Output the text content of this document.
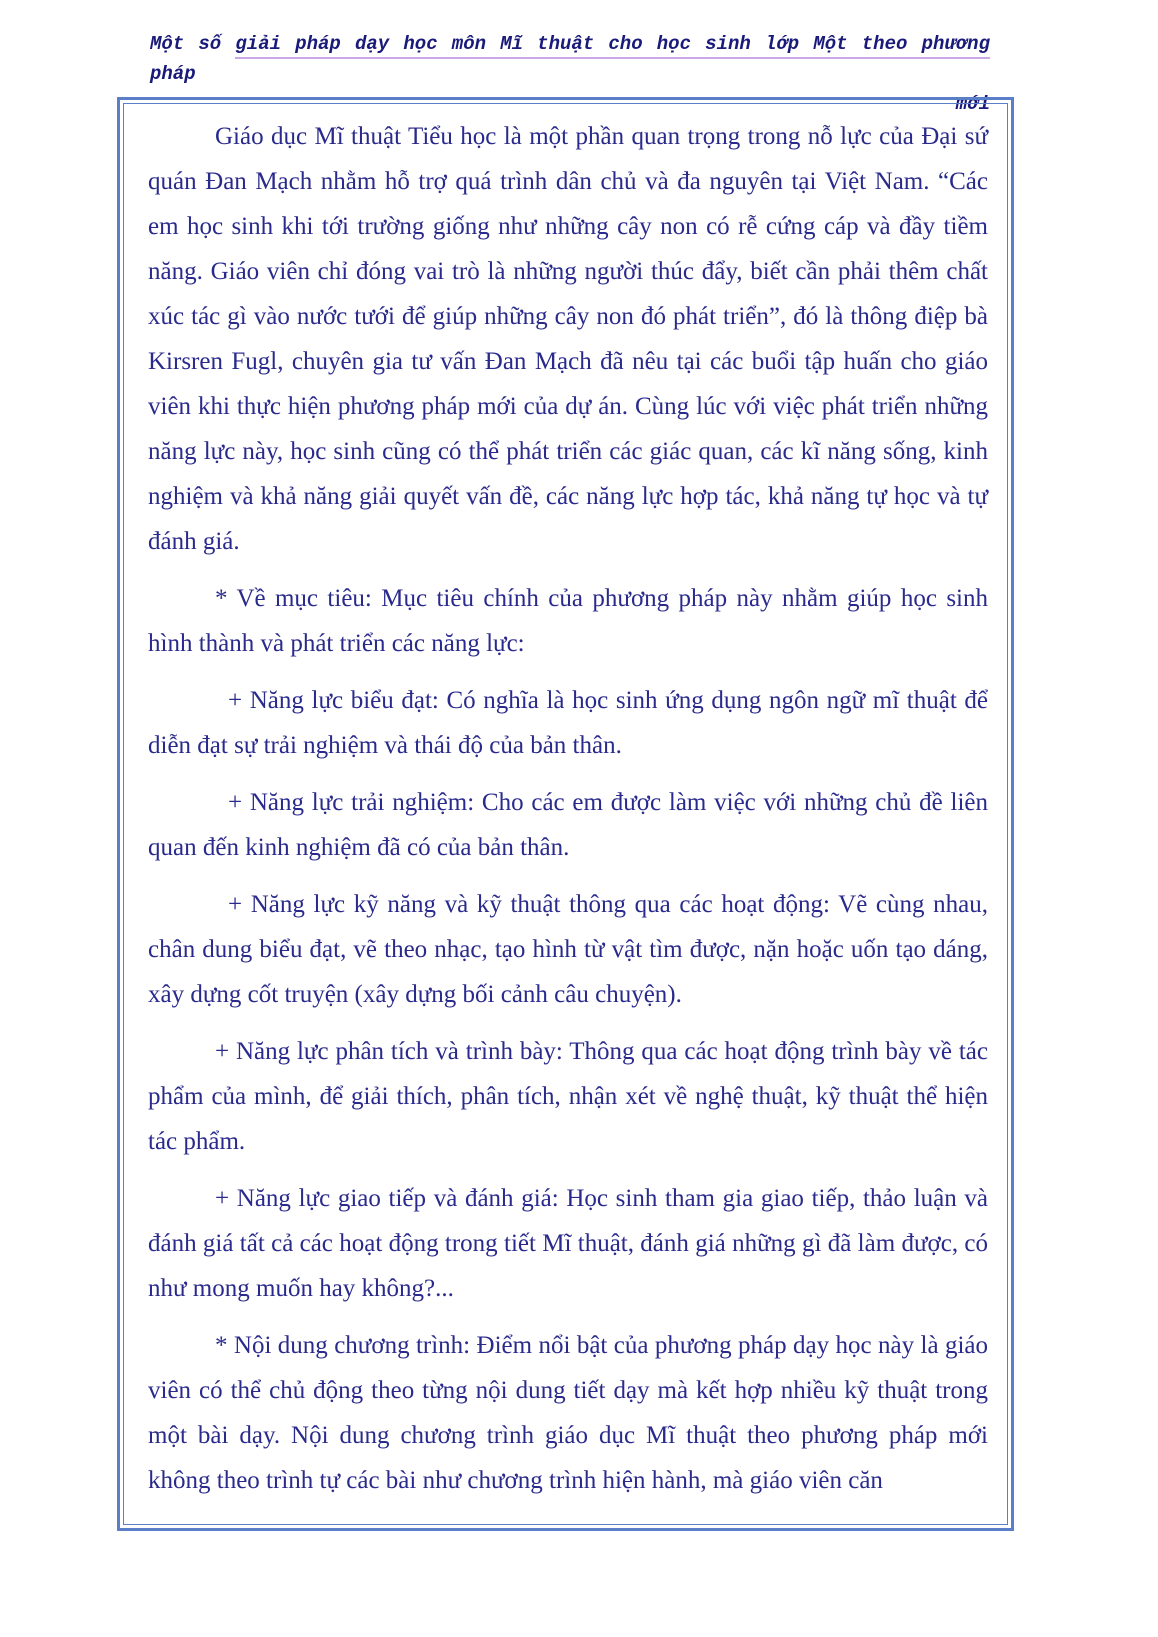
Một số giải pháp dạy học môn Mĩ thuật cho học sinh lớp Một theo phương pháp
mới

Giáo dục Mĩ thuật Tiểu học là một phần quan trọng trong nỗ lực của Đại sứ quán Đan Mạch nhằm hỗ trợ quá trình dân chủ và đa nguyên tại Việt Nam. “Các em học sinh khi tới trường giống như những cây non có rễ cứng cáp và đầy tiềm năng. Giáo viên chỉ đóng vai trò là những người thúc đẩy, biết cần phải thêm chất xúc tác gì vào nước tưới để giúp những cây non đó phát triển”, đó là thông điệp bà Kirsren Fugl, chuyên gia tư vấn Đan Mạch đã nêu tại các buổi tập huấn cho giáo viên khi thực hiện phương pháp mới của dự án. Cùng lúc với việc phát triển những năng lực này, học sinh cũng có thể phát triển các giác quan, các kĩ năng sống, kinh nghiệm và khả năng giải quyết vấn đề, các năng lực hợp tác, khả năng tự học và tự đánh giá.

* Về mục tiêu: Mục tiêu chính của phương pháp này nhằm giúp học sinh hình thành và phát triển các năng lực:

+ Năng lực biểu đạt: Có nghĩa là học sinh ứng dụng ngôn ngữ mĩ thuật để diễn đạt sự trải nghiệm và thái độ của bản thân.

+ Năng lực trải nghiệm: Cho các em được làm việc với những chủ đề liên quan đến kinh nghiệm đã có của bản thân.

+ Năng lực kỹ năng và kỹ thuật thông qua các hoạt động: Vẽ cùng nhau, chân dung biểu đạt, vẽ theo nhạc, tạo hình từ vật tìm được, nặn hoặc uốn tạo dáng, xây dựng cốt truyện (xây dựng bối cảnh câu chuyện).

+ Năng lực phân tích và trình bày: Thông qua các hoạt động trình bày về tác phẩm của mình, để giải thích, phân tích, nhận xét về nghệ thuật, kỹ thuật thể hiện tác phẩm.

+ Năng lực giao tiếp và đánh giá: Học sinh tham gia giao tiếp, thảo luận và đánh giá tất cả các hoạt động trong tiết Mĩ thuật, đánh giá những gì đã làm được, có như mong muốn hay không?...

* Nội dung chương trình: Điểm nổi bật của phương pháp dạy học này là giáo viên có thể chủ động theo từng nội dung tiết dạy mà kết hợp nhiều kỹ thuật trong một bài dạy. Nội dung chương trình giáo dục Mĩ thuật theo phương pháp mới không theo trình tự các bài như chương trình hiện hành, mà giáo viên căn
